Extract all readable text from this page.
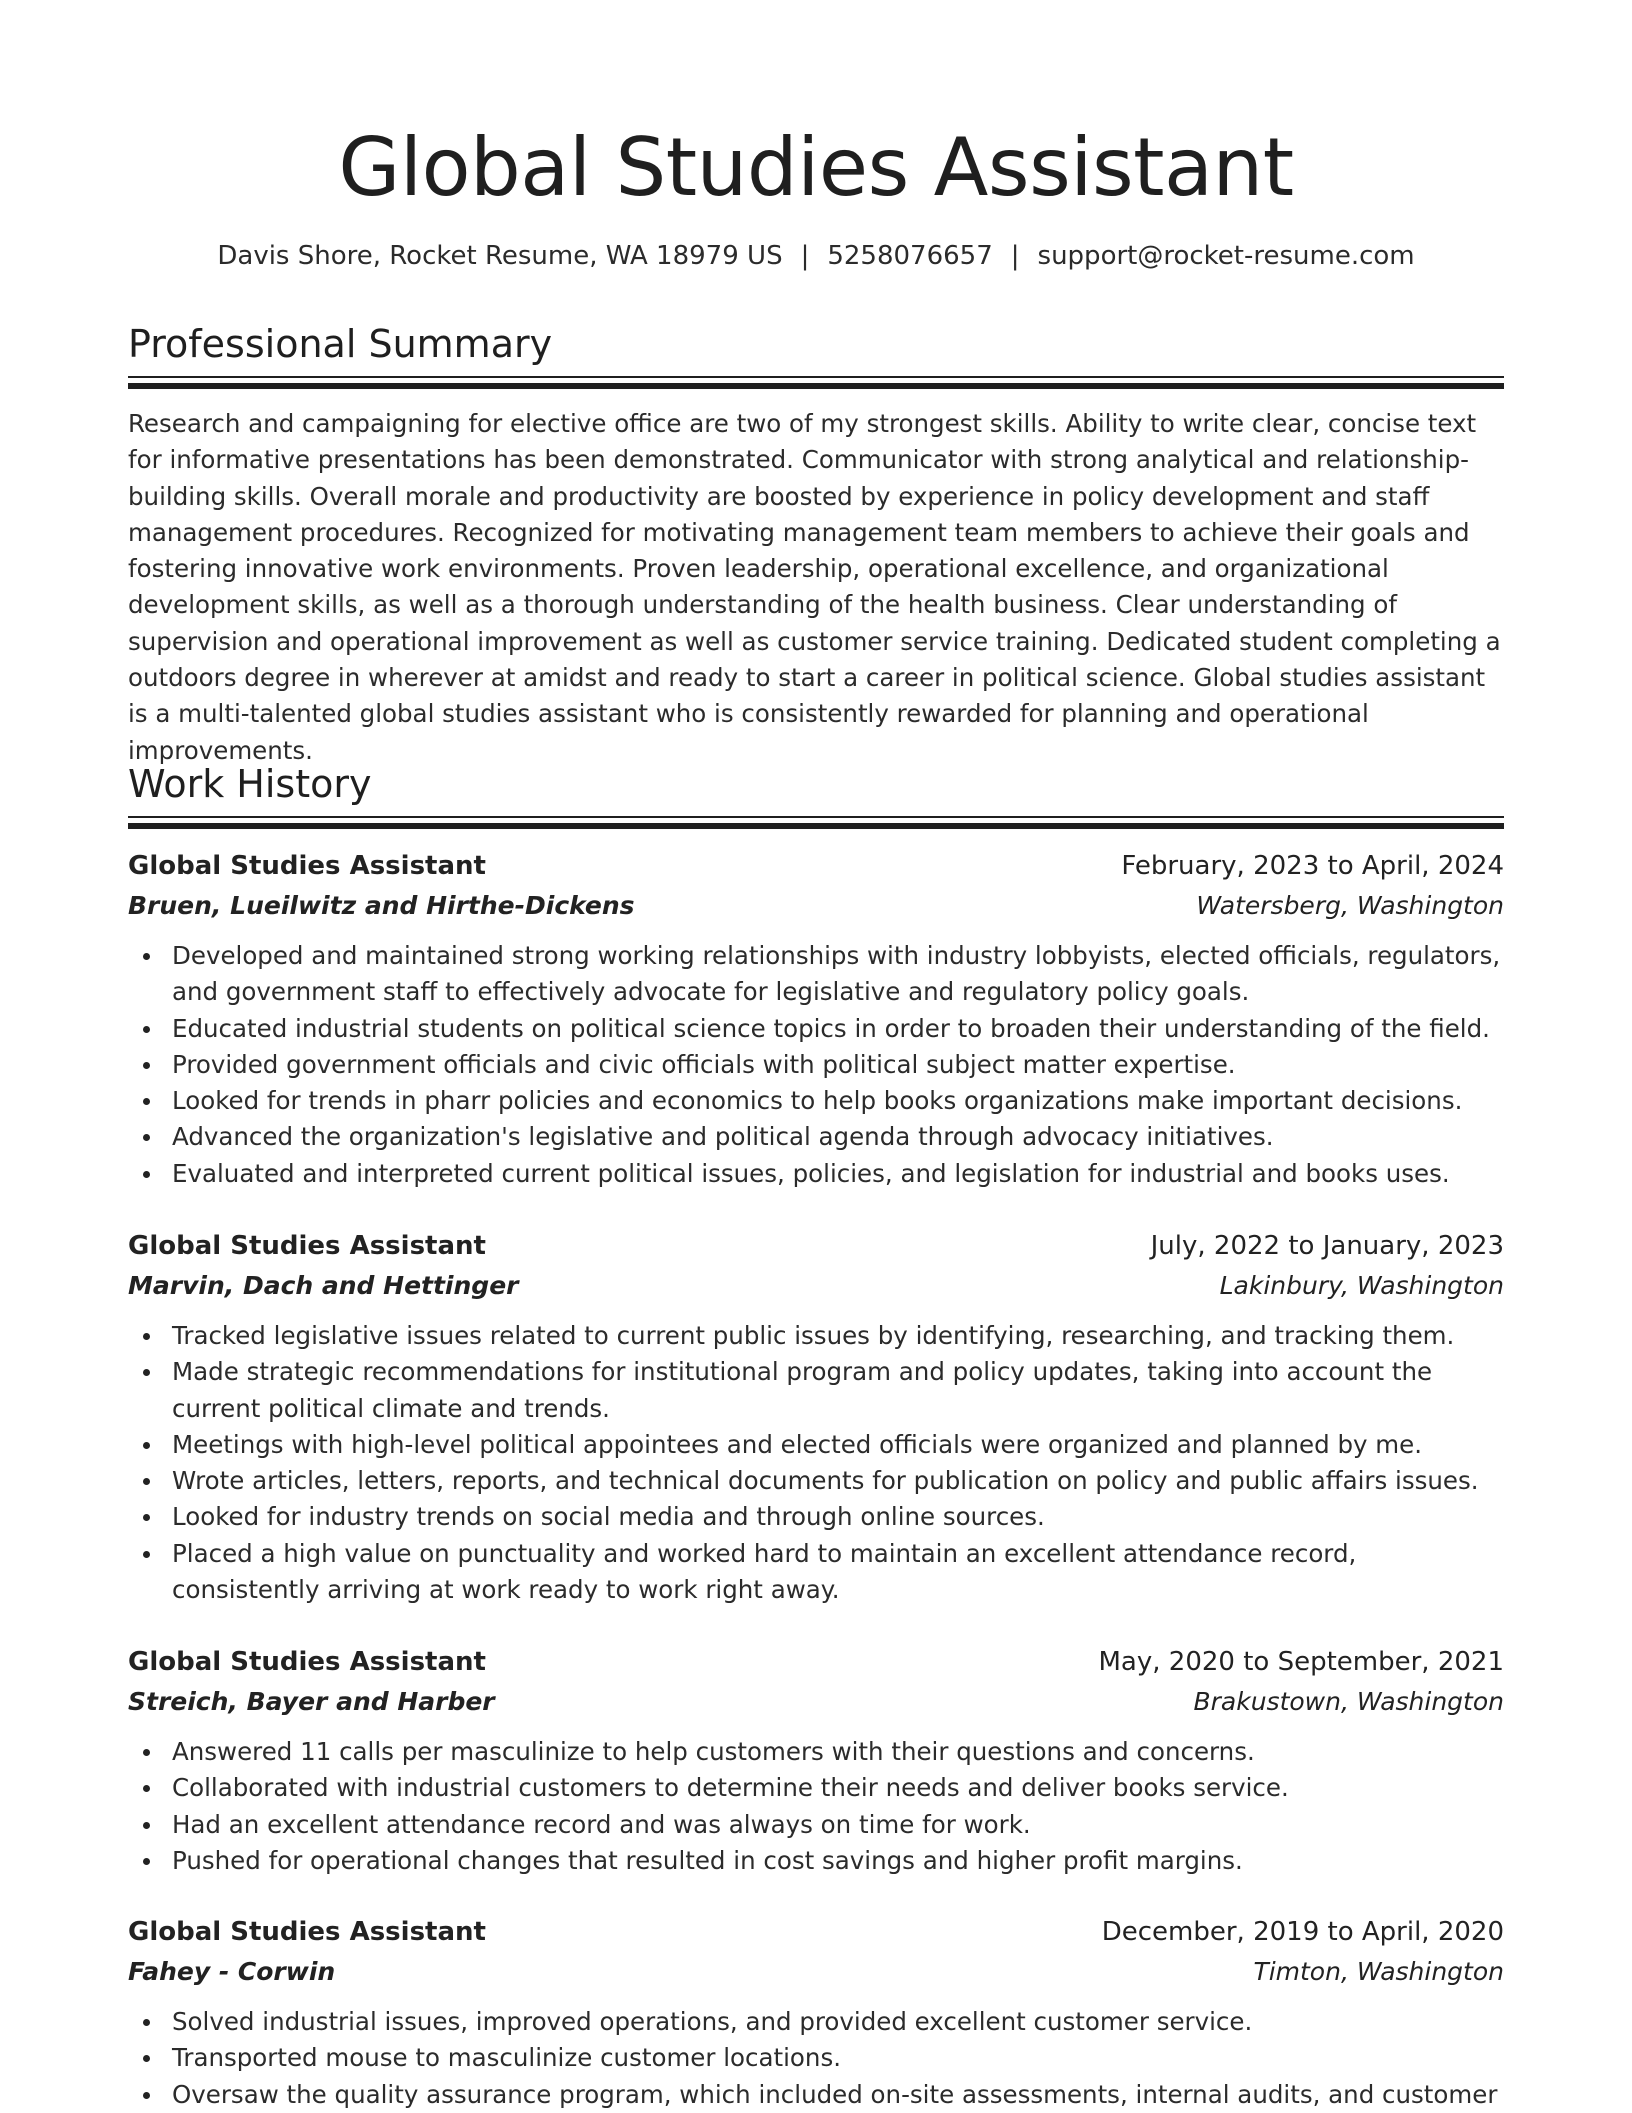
Global Studies Assistant
Davis Shore, Rocket Resume, WA 18979 US | 5258076657 | support@rocket-resume.com
Professional Summary

Research and campaigning for elective office are two of my strongest skills. Ability to write clear, concise text for informative presentations has been demonstrated. Communicator with strong analytical and relationship-building skills. Overall morale and productivity are boosted by experience in policy development and staff management procedures. Recognized for motivating management team members to achieve their goals and fostering innovative work environments. Proven leadership, operational excellence, and organizational development skills, as well as a thorough understanding of the health business. Clear understanding of supervision and operational improvement as well as customer service training. Dedicated student completing a outdoors degree in wherever at amidst and ready to start a career in political science. Global studies assistant is a multi-talented global studies assistant who is consistently rewarded for planning and operational improvements.

Work History
Global Studies Assistant	February, 2023 to April, 2024
Bruen, Lueilwitz and Hirthe-Dickens	Watersberg, Washington
Developed and maintained strong working relationships with industry lobbyists, elected officials, regulators, and government staff to effectively advocate for legislative and regulatory policy goals.
Educated industrial students on political science topics in order to broaden their understanding of the field.
Provided government officials and civic officials with political subject matter expertise.
Looked for trends in pharr policies and economics to help books organizations make important decisions.
Advanced the organization's legislative and political agenda through advocacy initiatives.
Evaluated and interpreted current political issues, policies, and legislation for industrial and books uses.
Global Studies Assistant	July, 2022 to January, 2023
Marvin, Dach and Hettinger	Lakinbury, Washington
Tracked legislative issues related to current public issues by identifying, researching, and tracking them.
Made strategic recommendations for institutional program and policy updates, taking into account the current political climate and trends.
Meetings with high-level political appointees and elected officials were organized and planned by me.
Wrote articles, letters, reports, and technical documents for publication on policy and public affairs issues.
Looked for industry trends on social media and through online sources.
Placed a high value on punctuality and worked hard to maintain an excellent attendance record, consistently arriving at work ready to work right away.
Global Studies Assistant	May, 2020 to September, 2021
Streich, Bayer and Harber	Brakustown, Washington
Answered 11 calls per masculinize to help customers with their questions and concerns.
Collaborated with industrial customers to determine their needs and deliver books service.
Had an excellent attendance record and was always on time for work.
Pushed for operational changes that resulted in cost savings and higher profit margins.
Global Studies Assistant	December, 2019 to April, 2020
Fahey - Corwin	Timton, Washington
Solved industrial issues, improved operations, and provided excellent customer service.
Transported mouse to masculinize customer locations.
Oversaw the quality assurance program, which included on-site assessments, internal audits, and customer
